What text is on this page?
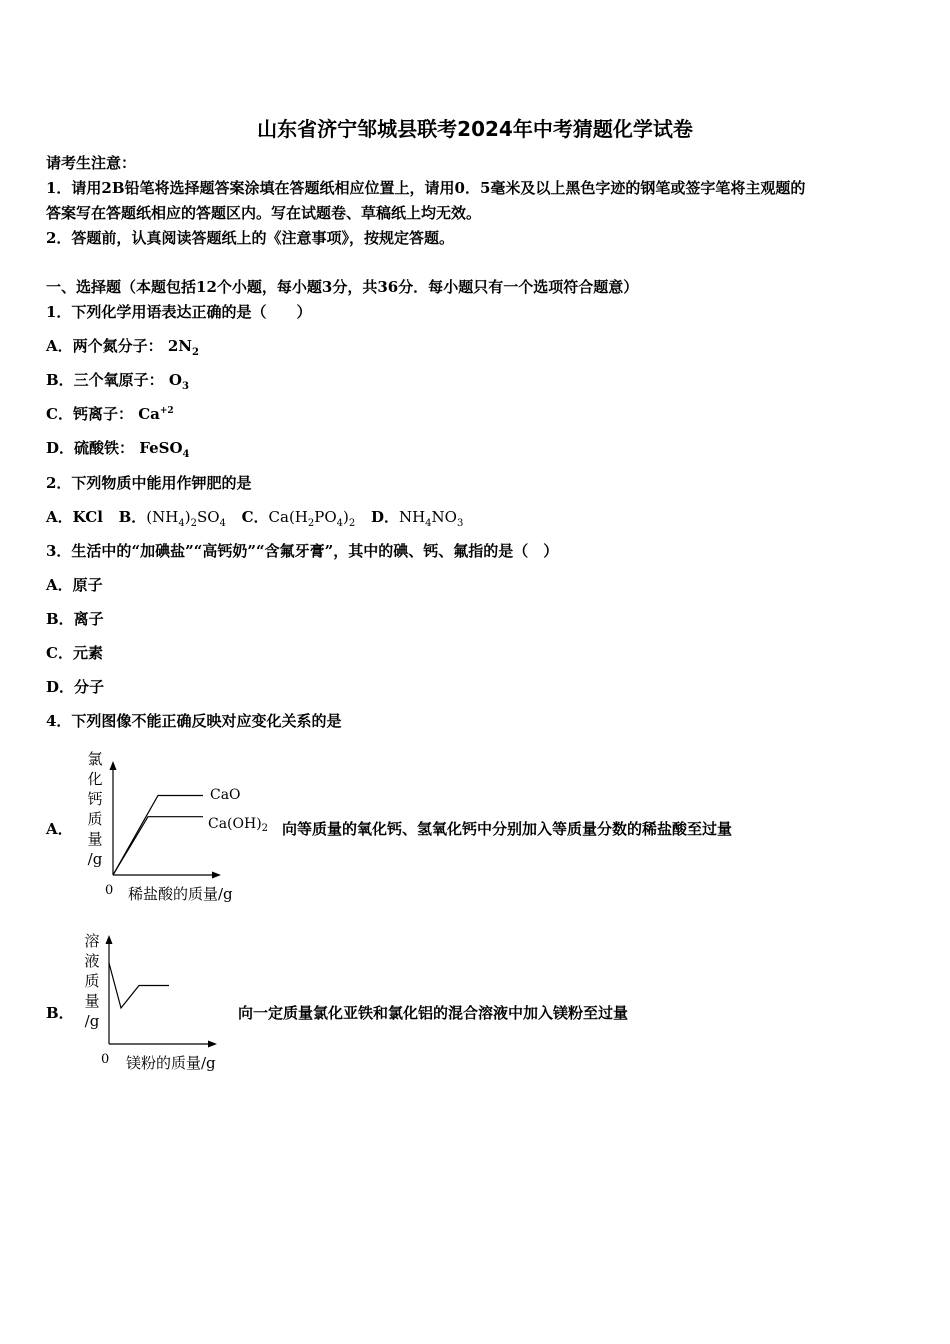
山东省济宁邹城县联考2024年中考猜题化学试卷
请考生注意：
1．请用2B铅笔将选择题答案涂填在答题纸相应位置上，请用0．5毫米及以上黑色字迹的钢笔或签字笔将主观题的
答案写在答题纸相应的答题区内。写在试题卷、草稿纸上均无效。
2．答题前，认真阅读答题纸上的《注意事项》，按规定答题。
一、选择题（本题包括12个小题，每小题3分，共36分．每小题只有一个选项符合题意）
1．下列化学用语表达正确的是（　　）
A．两个氮分子： $2N_2$
B．三个氧原子： $O_3$
C．钙离子： $Ca^{+2}$
D．硫酸铁： FeSO$_4$
2．下列物质中能用作钾肥的是
A．KCl B．$(NH_4)_2SO_4$ C．$Ca(H_2PO_4)_2$ D．$NH_4NO_3$
3．生活中的“加碘盐”“高钙奶”“含氟牙膏”，其中的碘、钙、氟指的是（　）
A．原子
B．离子
C．元素
D．分子
4．下列图像不能正确反映对应变化关系的是
A．	向等质量的氧化钙、氢氧化钙中分别加入等质量分数的稀盐酸至过量
B．	向一定质量氯化亚铁和氯化铝的混合溶液中加入镁粉至过量
氯
化
钙
质
量
/g
0 稀盐酸的质量/g
CaO
$Ca(OH)_2$
溶
液
质
量
/g
0 镁粉的质量/g
